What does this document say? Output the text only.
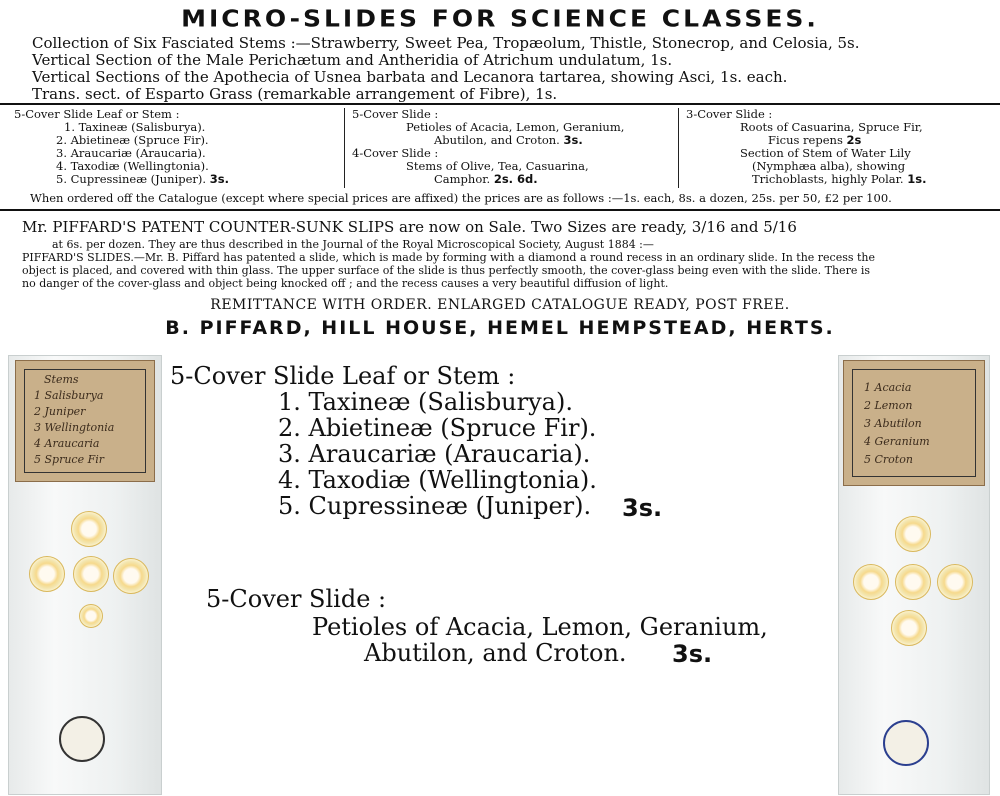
MICRO-SLIDES FOR SCIENCE CLASSES.
Collection of Six Fasciated Stems :—Strawberry, Sweet Pea, Tropæolum, Thistle, Stonecrop, and Celosia, 5s.
Vertical Section of the Male Perichætum and Antheridia of Atrichum undulatum, 1s.
Vertical Sections of the Apothecia of Usnea barbata and Lecanora tartarea, showing Asci, 1s. each.
Trans. sect. of Esparto Grass (remarkable arrangement of Fibre), 1s.

5-Cover Slide Leaf or Stem :

1. Taxineæ (Salisburya).

2. Abietineæ (Spruce Fir).

3. Araucariæ (Araucaria).

4. Taxodiæ (Wellingtonia).

5. Cupressineæ (Juniper). 3s.

5-Cover Slide :

Petioles of Acacia, Lemon, Geranium,

Abutilon, and Croton. 3s.

4-Cover Slide :

Stems of Olive, Tea, Casuarina,

Camphor. 2s. 6d.

3-Cover Slide :

Roots of Casuarina, Spruce Fir,

Ficus repens 2s

Section of Stem of Water Lily

(Nymphæa alba), showing

Trichoblasts, highly Polar. 1s.

When ordered off the Catalogue (except where special prices are affixed) the prices are as follows :—1s. each, 8s. a dozen, 25s. per 50, £2 per 100.
Mr. PIFFARD'S PATENT COUNTER-SUNK SLIPS are now on Sale. Two Sizes are ready, 3/16 and 5/16
at 6s. per dozen. They are thus described in the Journal of the Royal Microscopical Society, August 1884 :—
PIFFARD'S SLIDES.—Mr. B. Piffard has patented a slide, which is made by forming with a diamond a round recess in an ordinary slide. In the recess the
object is placed, and covered with thin glass. The upper surface of the slide is thus perfectly smooth, the cover-glass being even with the slide. There is
no danger of the cover-glass and object being knocked off ; and the recess causes a very beautiful diffusion of light.
REMITTANCE WITH ORDER. ENLARGED CATALOGUE READY, POST FREE.
B. PIFFARD, HILL HOUSE, HEMEL HEMPSTEAD, HERTS.
Stems
1 Salisburya
2 Juniper
3 Wellingtonia
4 Araucaria
5 Spruce Fir
5-Cover Slide Leaf or Stem :
1. Taxineæ (Salisburya).
2. Abietineæ (Spruce Fir).
3. Araucariæ (Araucaria).
4. Taxodiæ (Wellingtonia).
5. Cupressineæ (Juniper). 3s.
5-Cover Slide :
Petioles of Acacia, Lemon, Geranium,
Abutilon, and Croton. 3s.
1 Acacia
2 Lemon
3 Abutilon
4 Geranium
5 Croton
